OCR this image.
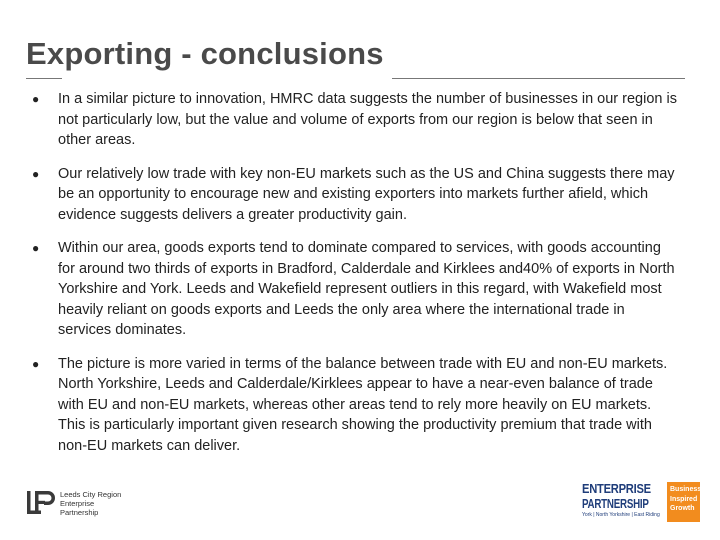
Exporting - conclusions
● In a similar picture to innovation, HMRC data suggests the number of businesses in our region is not particularly low, but the value and volume of exports from our region is below that seen in other areas.
● Our relatively low trade with key non-EU markets such as the US and China suggests there may be an opportunity to encourage new and existing exporters into markets further afield, which evidence suggests delivers a greater productivity gain.
● Within our area, goods exports tend to dominate compared to services, with goods accounting for around two thirds of exports in Bradford, Calderdale and Kirklees and40% of exports in North Yorkshire and York. Leeds and Wakefield represent outliers in this regard, with Wakefield most heavily reliant on goods exports and Leeds the only area where the international trade in services dominates.
● The picture is more varied in terms of the balance between trade with EU and non-EU markets. North Yorkshire, Leeds and Calderdale/Kirklees appear to have a near-even balance of trade with EU and non-EU markets, whereas other areas tend to rely more heavily on EU markets. This is particularly important given research showing the productivity premium that trade with non-EU markets can deliver.
Leeds City Region
Enterprise
Partnership
ENTERPRISE
PARTNERSHIP
York | North Yorkshire | East Riding
Business
Inspired
Growth
